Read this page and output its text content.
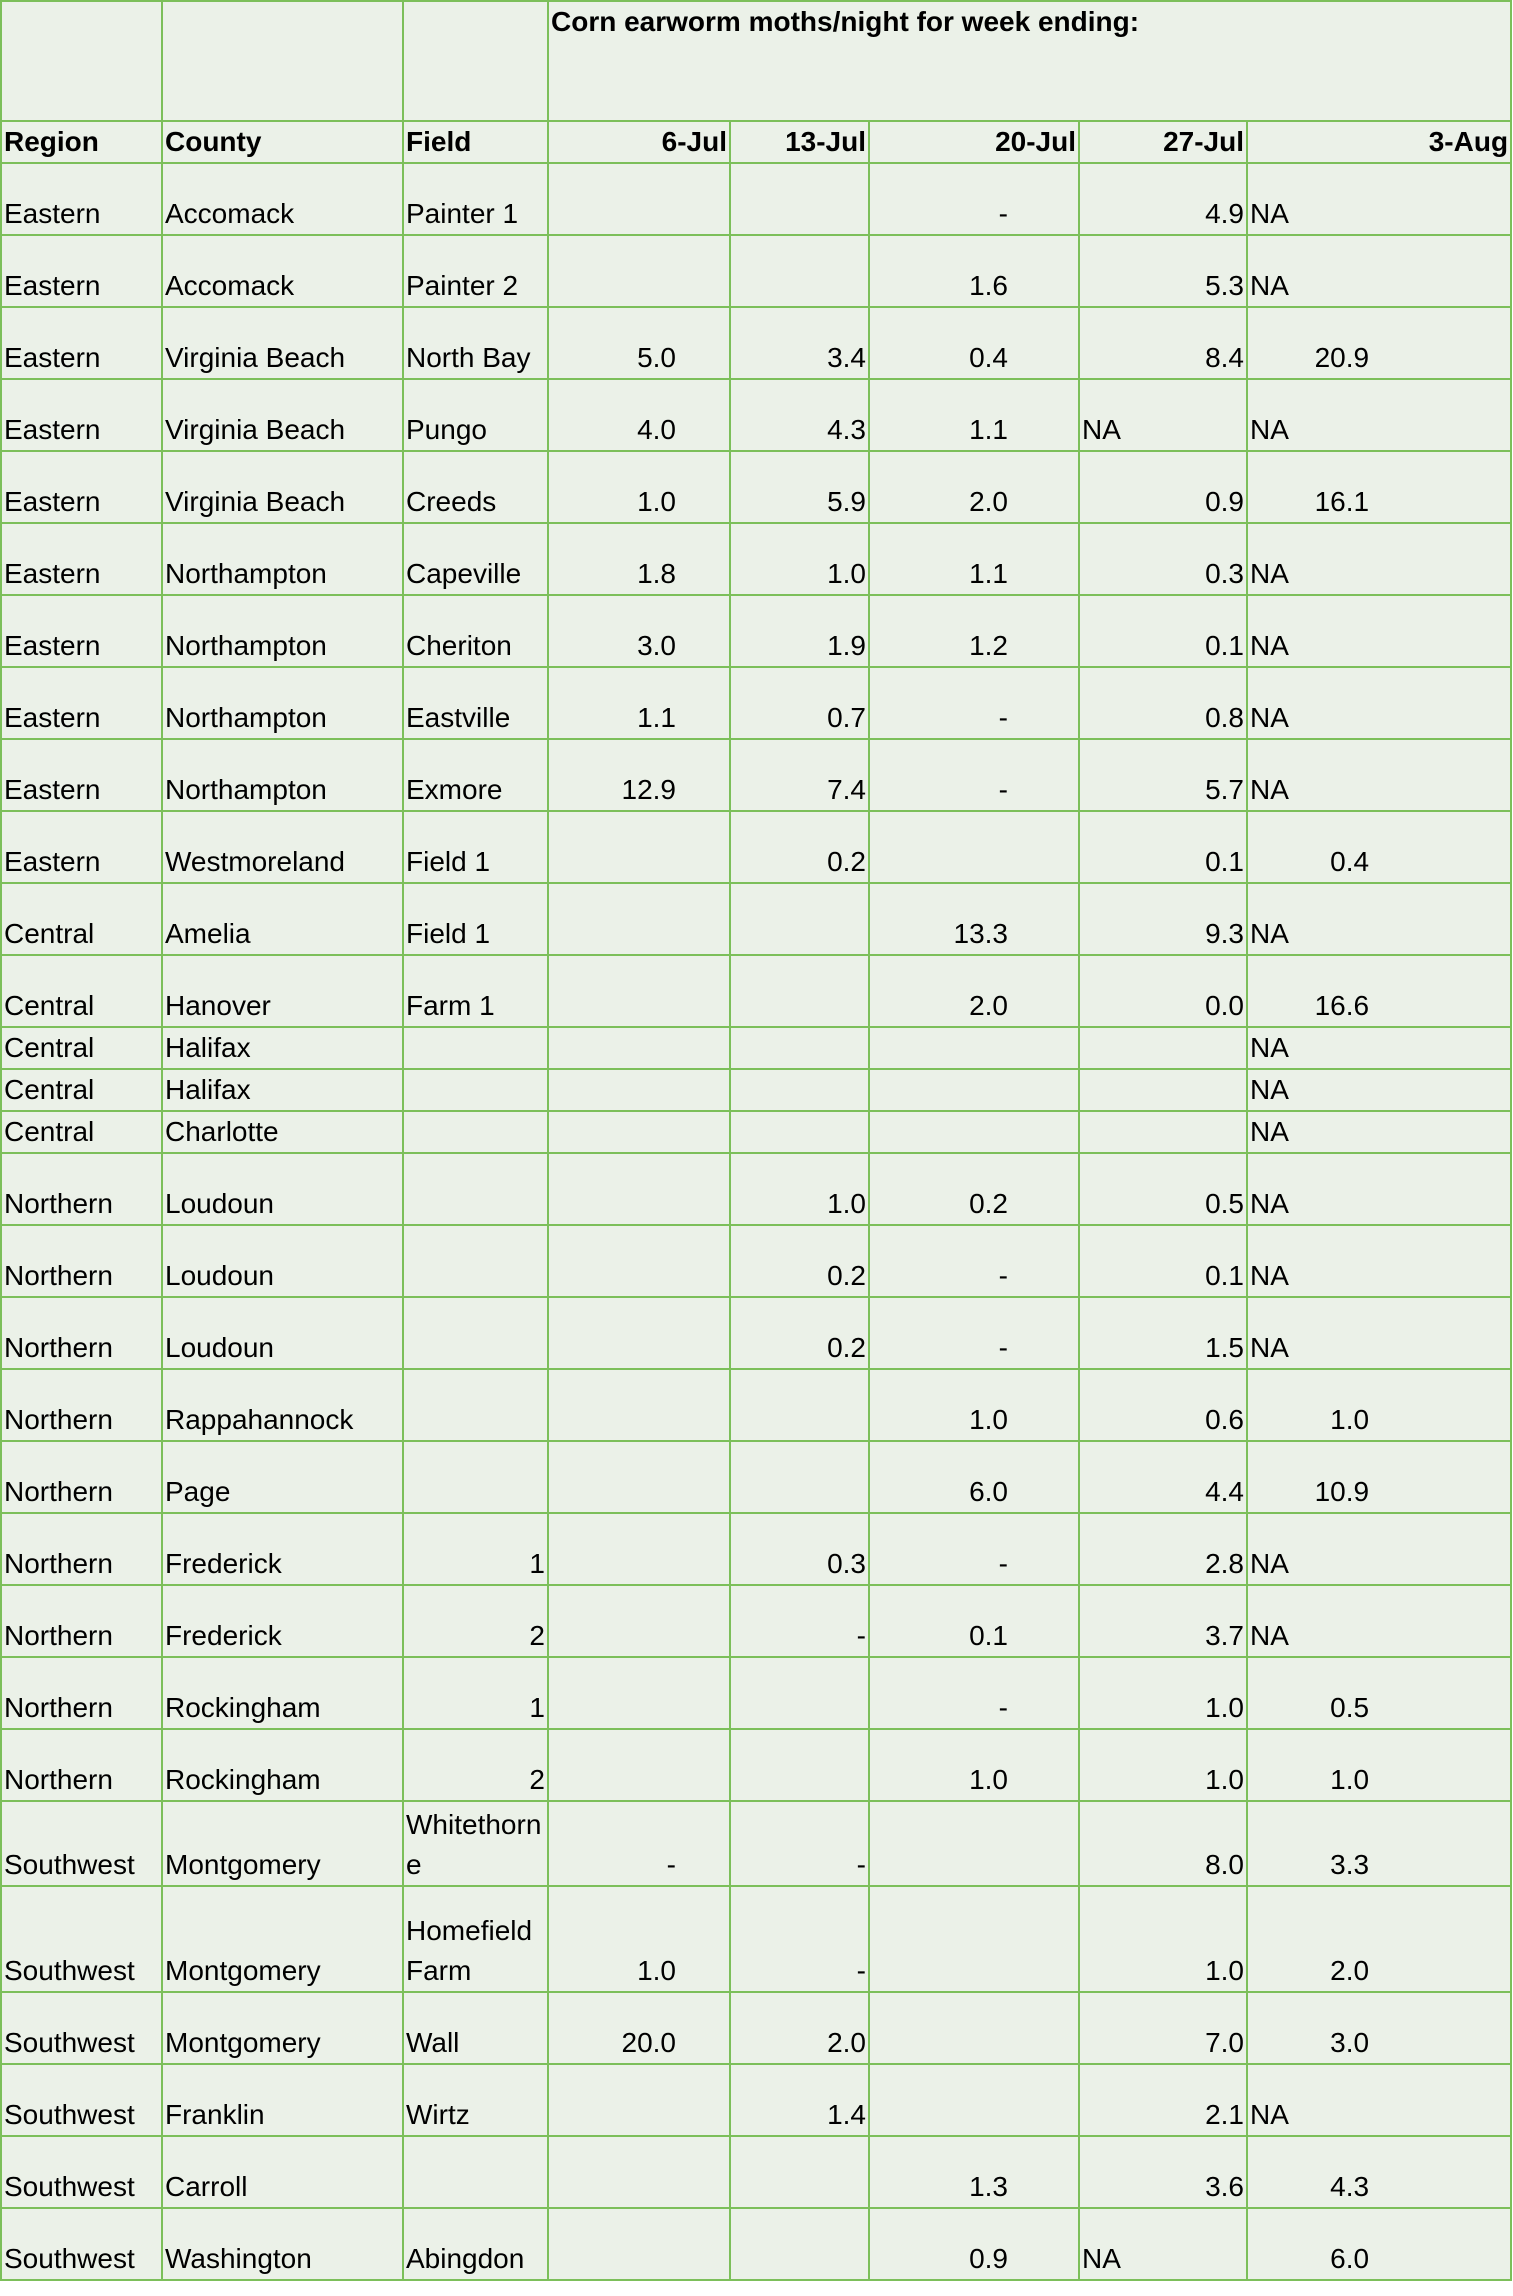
			Corn earworm moths/night for week ending:				
Region	County	Field	6-Jul	13-Jul	20-Jul	27-Jul	3-Aug
Eastern	Accomack	Painter 1			-	4.9	NA
Eastern	Accomack	Painter 2			1.6	5.3	NA
Eastern	Virginia Beach	North Bay	5.0	3.4	0.4	8.4	20.9
Eastern	Virginia Beach	Pungo	4.0	4.3	1.1	NA	NA
Eastern	Virginia Beach	Creeds	1.0	5.9	2.0	0.9	16.1
Eastern	Northampton	Capeville	1.8	1.0	1.1	0.3	NA
Eastern	Northampton	Cheriton	3.0	1.9	1.2	0.1	NA
Eastern	Northampton	Eastville	1.1	0.7	-	0.8	NA
Eastern	Northampton	Exmore	12.9	7.4	-	5.7	NA
Eastern	Westmoreland	Field 1		0.2		0.1	0.4
Central	Amelia	Field 1			13.3	9.3	NA
Central	Hanover	Farm 1			2.0	0.0	16.6
Central	Halifax						NA
Central	Halifax						NA
Central	Charlotte						NA
Northern	Loudoun			1.0	0.2	0.5	NA
Northern	Loudoun			0.2	-	0.1	NA
Northern	Loudoun			0.2	-	1.5	NA
Northern	Rappahannock				1.0	0.6	1.0
Northern	Page				6.0	4.4	10.9
Northern	Frederick	1		0.3	-	2.8	NA
Northern	Frederick	2		-	0.1	3.7	NA
Northern	Rockingham	1			-	1.0	0.5
Northern	Rockingham	2			1.0	1.0	1.0
Southwest	Montgomery	Whitethorne	-	-		8.0	3.3
Southwest	Montgomery	Homefield Farm	1.0	-		1.0	2.0
Southwest	Montgomery	Wall	20.0	2.0		7.0	3.0
Southwest	Franklin	Wirtz		1.4		2.1	NA
Southwest	Carroll				1.3	3.6	4.3
Southwest	Washington	Abingdon			0.9	NA	6.0
